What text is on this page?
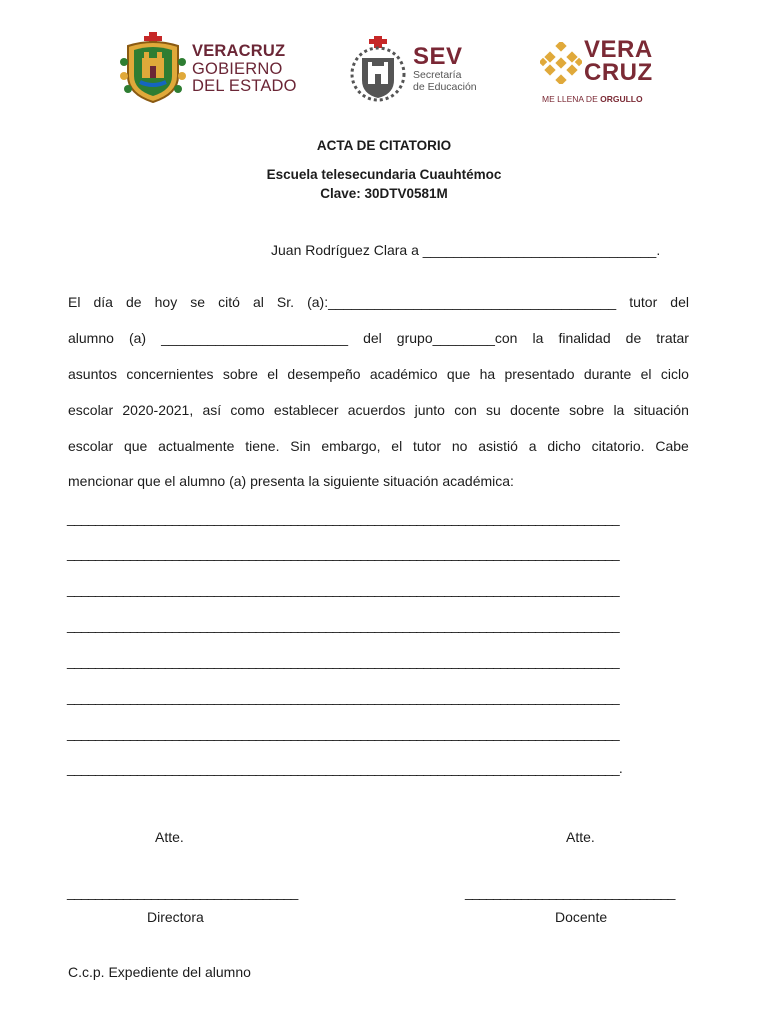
VERACRUZ
GOBIERNO
DEL ESTADO
SEV
Secretaría
de Educación
VERA
CRUZ
ME LLENA DE ORGULLO
ACTA DE CITATORIO
Escuela telesecundaria Cuauhtémoc
Clave: 30DTV0581M
Juan Rodríguez Clara a ______________________________.
El día de hoy se citó al Sr. (a):_____________________________________ tutor del
alumno (a) ________________________ del grupo________con la finalidad de tratar
asuntos concernientes sobre el desempeño académico que ha presentado durante el ciclo
escolar 2020-2021, así como establecer acuerdos junto con su docente sobre la situación
escolar que actualmente tiene. Sin embargo, el tutor no asistió a dicho citatorio. Cabe
mencionar que el alumno (a) presenta la siguiente situación académica:
_______________________________________________________________________________
_______________________________________________________________________________
_______________________________________________________________________________
_______________________________________________________________________________
_______________________________________________________________________________
_______________________________________________________________________________
_______________________________________________________________________________
_______________________________________________________________________________.
Atte.	Atte.
_________________________________	______________________________
Directora	Docente
C.c.p. Expediente del alumno
